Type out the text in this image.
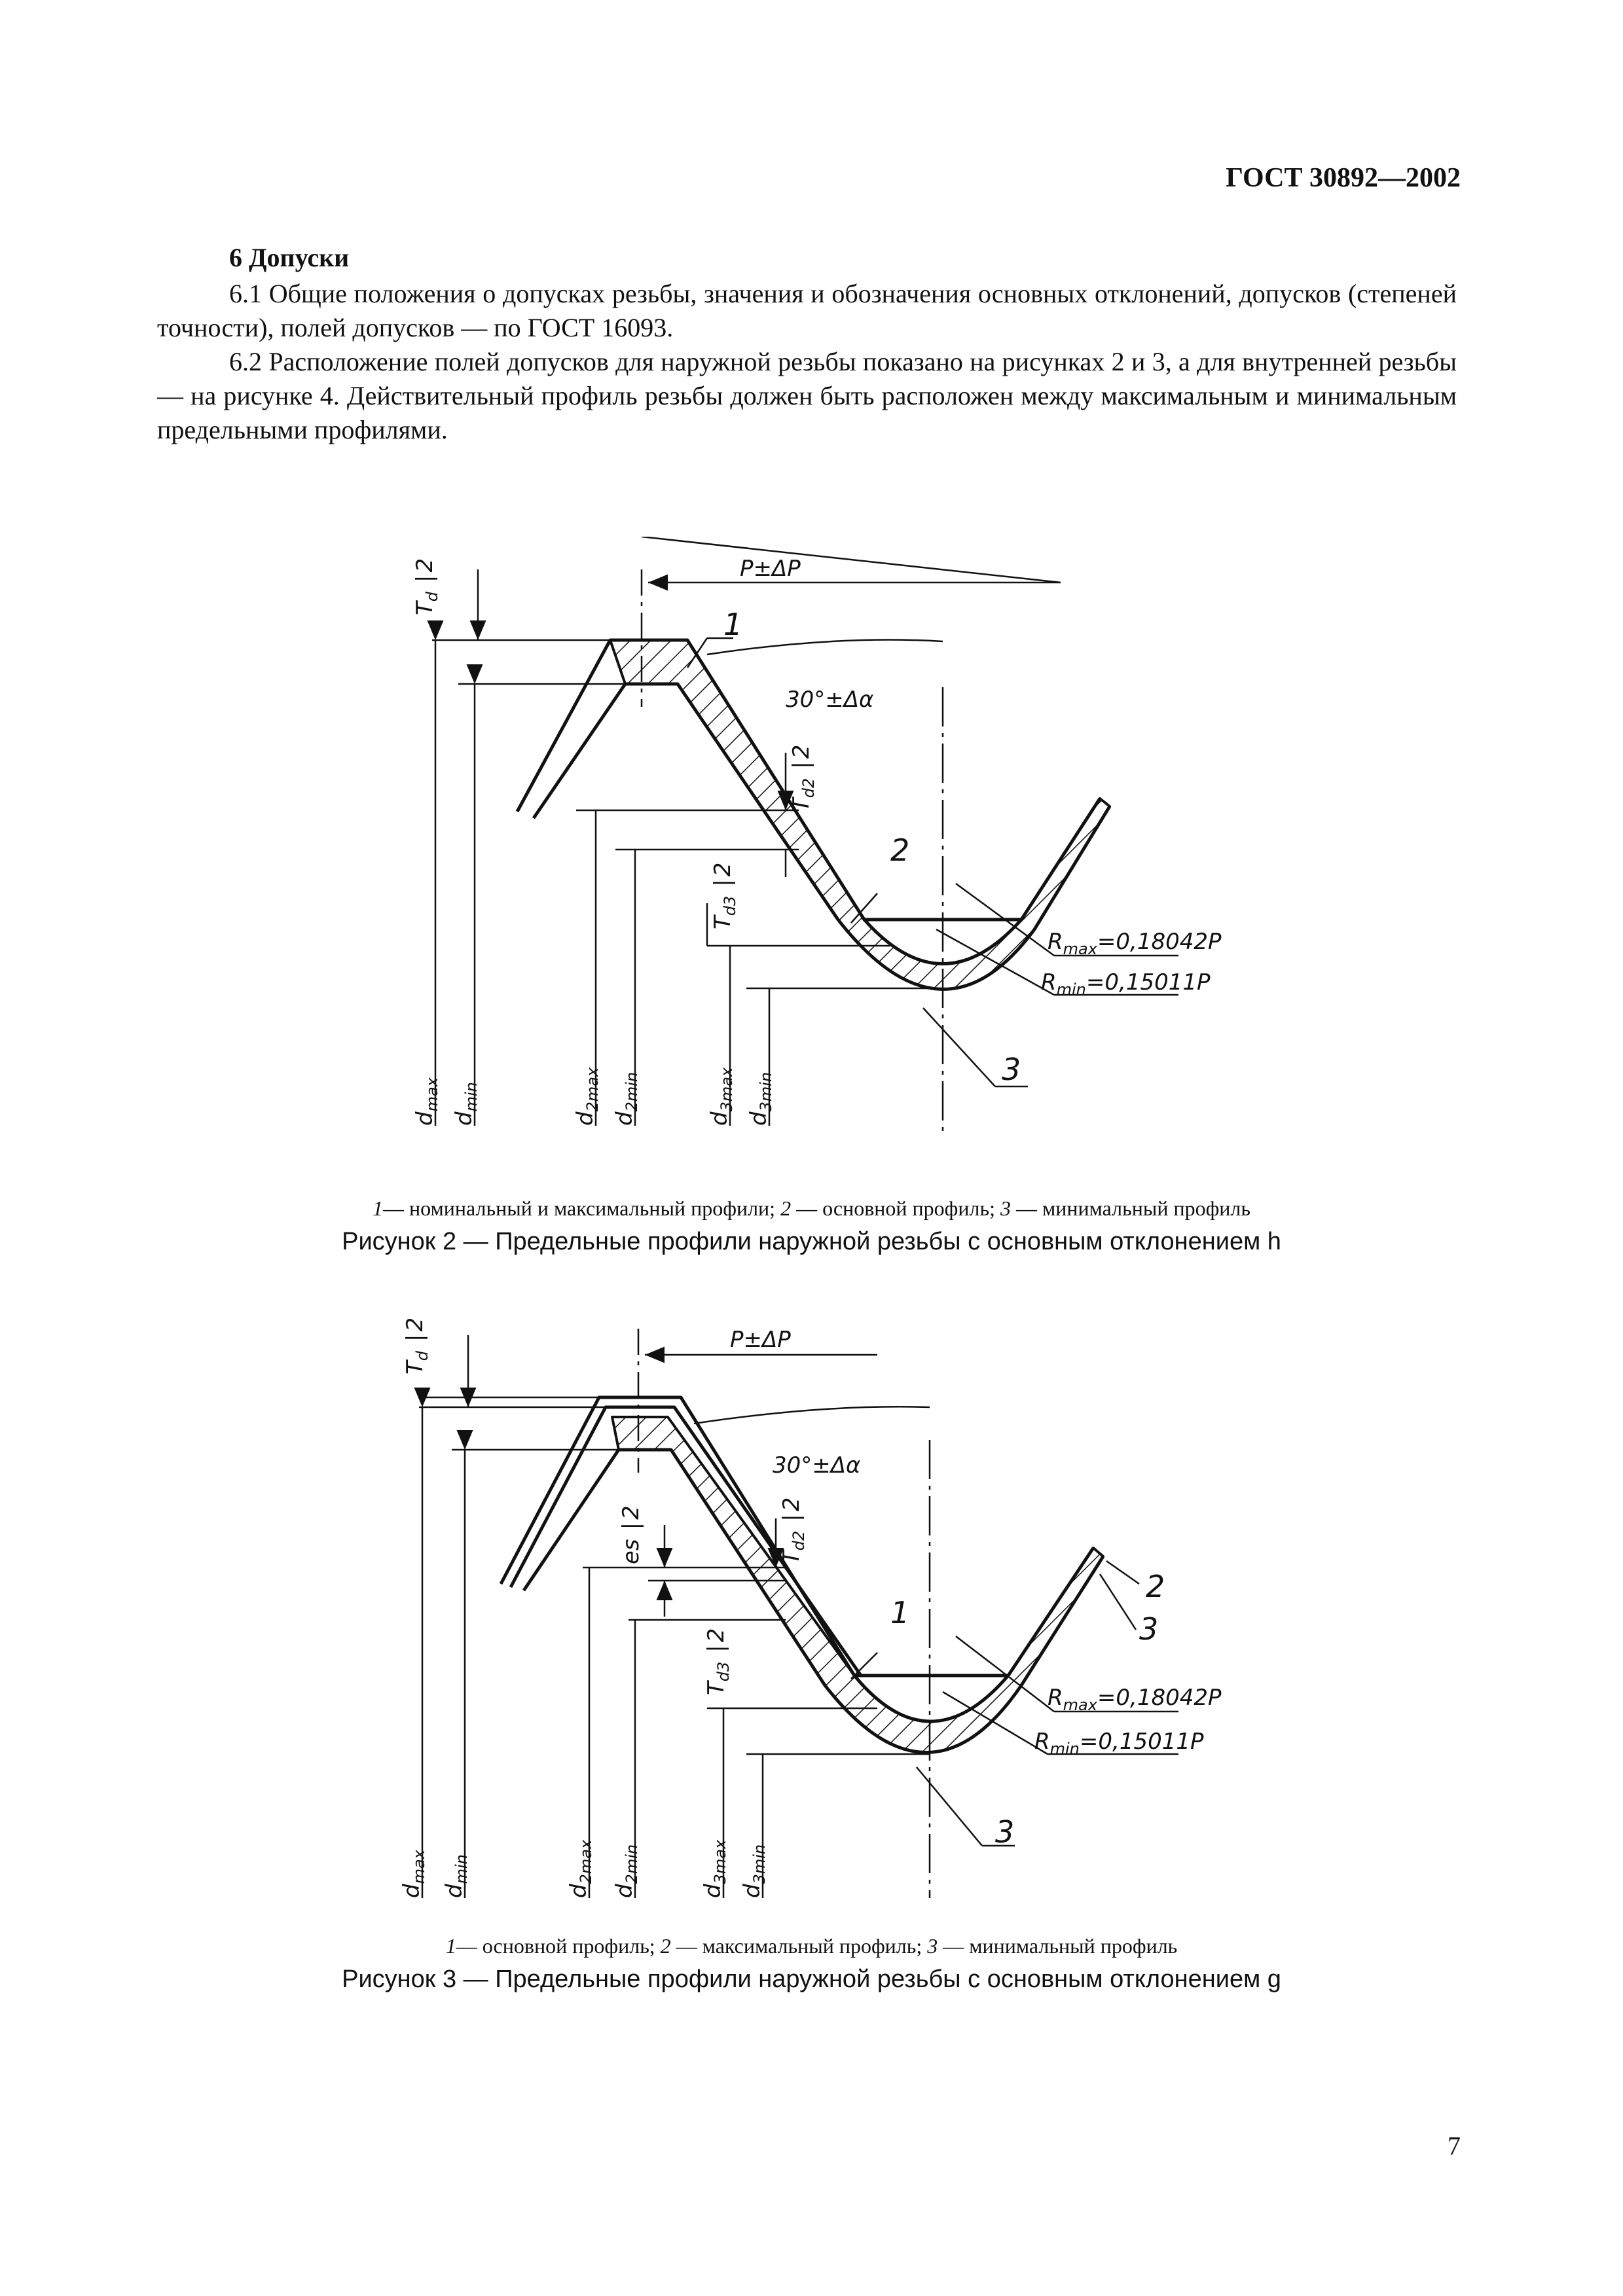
ГОСТ 30892—2002
6 Допуски

6.1 Общие положения о допусках резьбы, значения и обозначения основных отклонений, допусков (степеней точности), полей допусков — по ГОСТ 16093.

6.2 Расположение полей допусков для наружной резьбы показано на рисунках 2 и 3, а для внутренней резьбы — на рисунке 4. Действительный профиль резьбы должен быть расположен между максимальным и минимальным предельными профилями.

P±ΔP
30°±Δα
1
2
3
$T_d|2$
$T_{d2}|2$
$T_{d3}|2$
$R_{max}=0,18042P$
$R_{min}=0,15011P$
$d_{max}$
$d_{min}$
$d_{2max}$
$d_{2min}$
$d_{3max}$
$d_{3min}$
1— номинальный и максимальный профили; 2 — основной профиль; 3 — минимальный профиль
Рисунок 2 — Предельные профили наружной резьбы с основным отклонением h
P±ΔP
30°±Δα
1
2
3
3
$T_d|2$
es|2
$T_{d2}|2$
$T_{d3}|2$
$R_{max}=0,18042P$
$R_{min}=0,15011P$
$d_{max}$
$d_{min}$
$d_{2max}$
$d_{2min}$
$d_{3max}$
$d_{3min}$
1— основной профиль; 2 — максимальный профиль; 3 — минимальный профиль
Рисунок 3 — Предельные профили наружной резьбы с основным отклонением g
7
